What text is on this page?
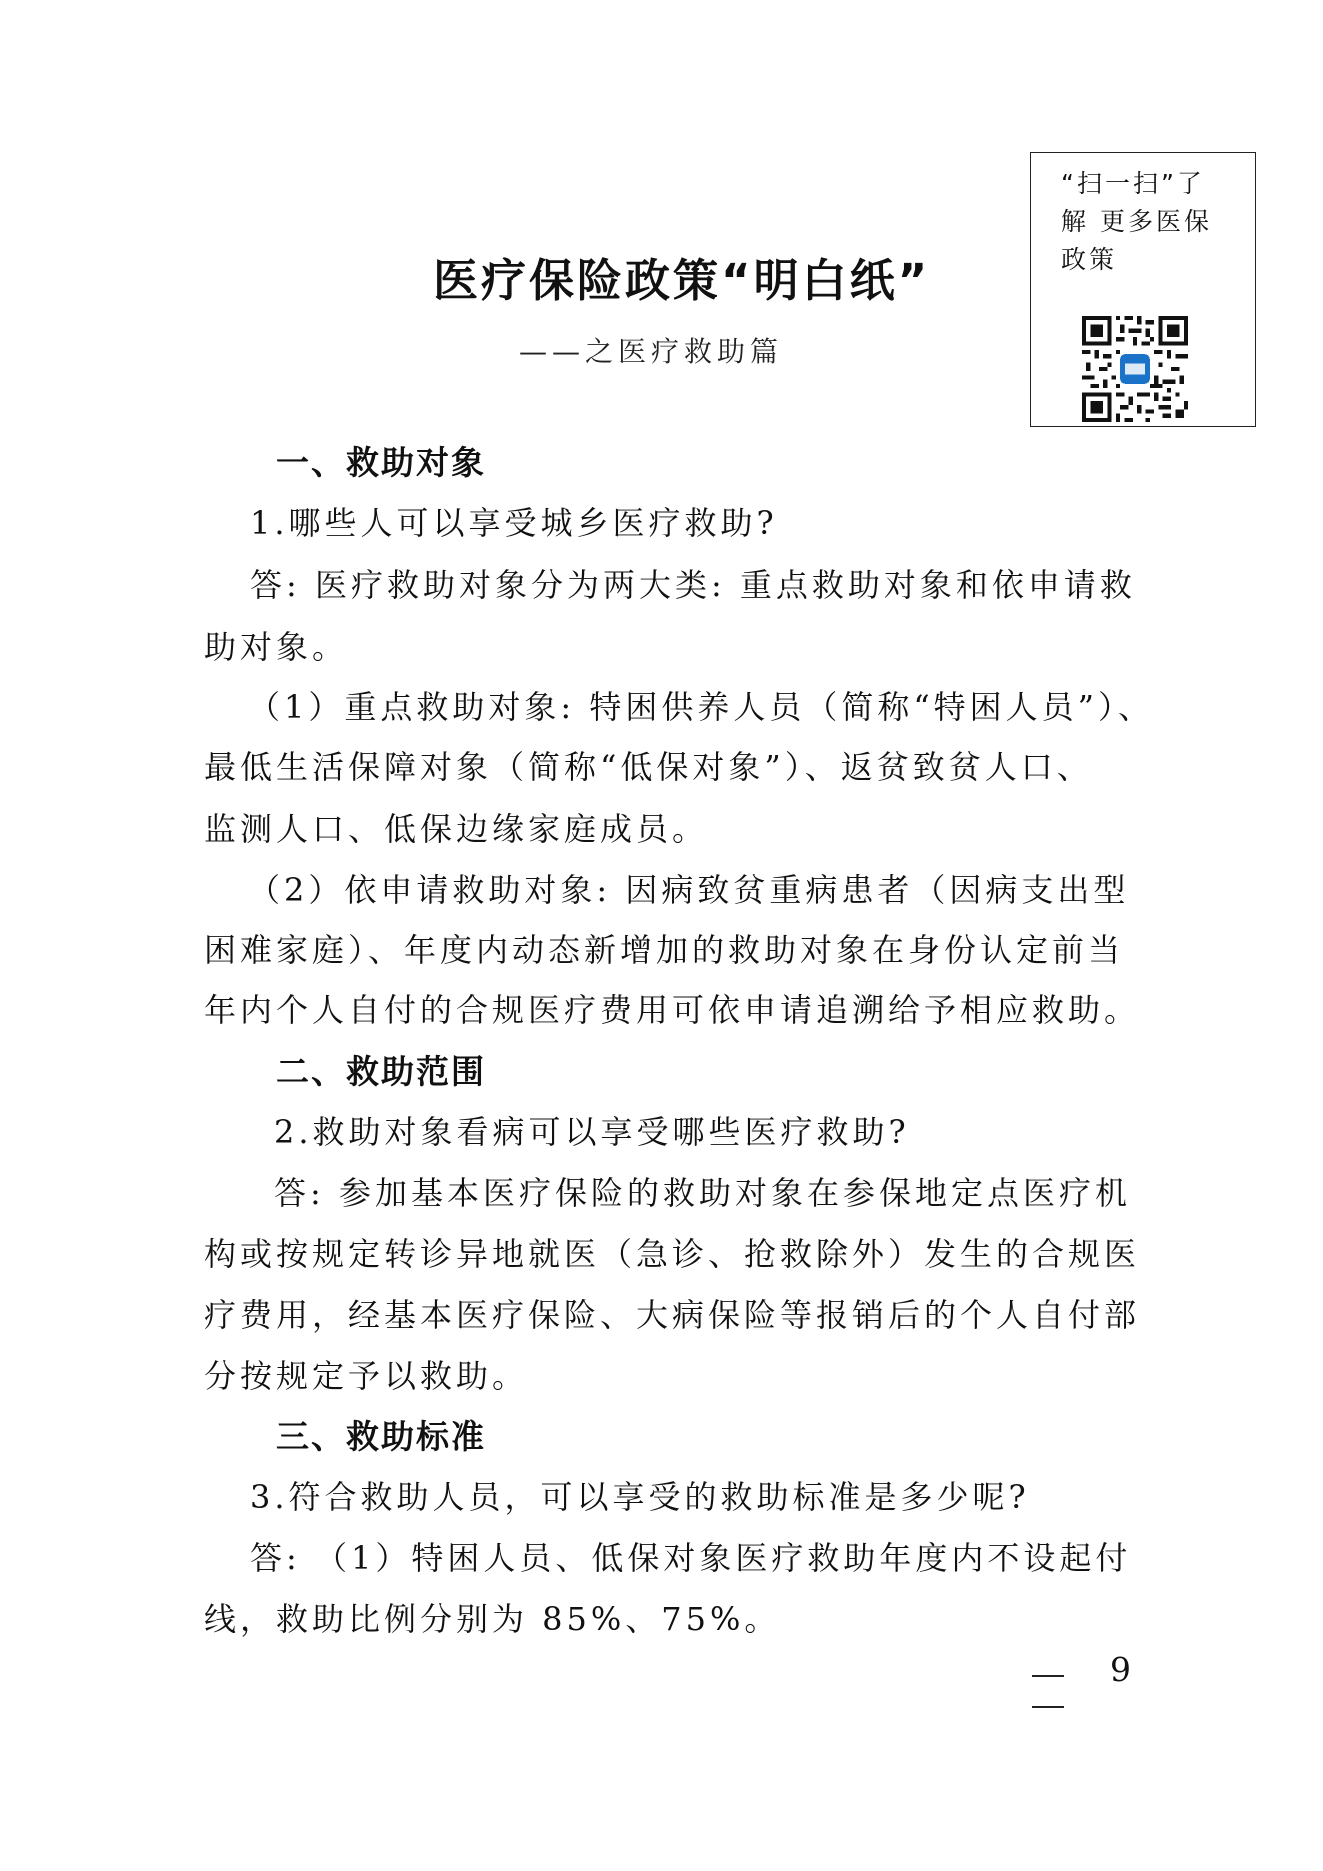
“扫一扫”了
解 更多医保
政策
医疗保险政策“明白纸”
——之医疗救助篇
一、救助对象
1.哪些人可以享受城乡医疗救助?
答: 医疗救助对象分为两大类: 重点救助对象和依申请救
助对象。
（1）重点救助对象: 特困供养人员（简称“特困人员”）、
最低生活保障对象（简称“低保对象”）、返贫致贫人口、
监测人口、低保边缘家庭成员。
（2）依申请救助对象: 因病致贫重病患者（因病支出型
困难家庭）、年度内动态新增加的救助对象在身份认定前当
年内个人自付的合规医疗费用可依申请追溯给予相应救助。
二、救助范围
2.救助对象看病可以享受哪些医疗救助?
答: 参加基本医疗保险的救助对象在参保地定点医疗机
构或按规定转诊异地就医（急诊、抢救除外）发生的合规医
疗费用，经基本医疗保险、大病保险等报销后的个人自付部
分按规定予以救助。
三、救助标准
3.符合救助人员，可以享受的救助标准是多少呢?
答: （1）特困人员、低保对象医疗救助年度内不设起付
线，救助比例分别为 85%、75%。
9
